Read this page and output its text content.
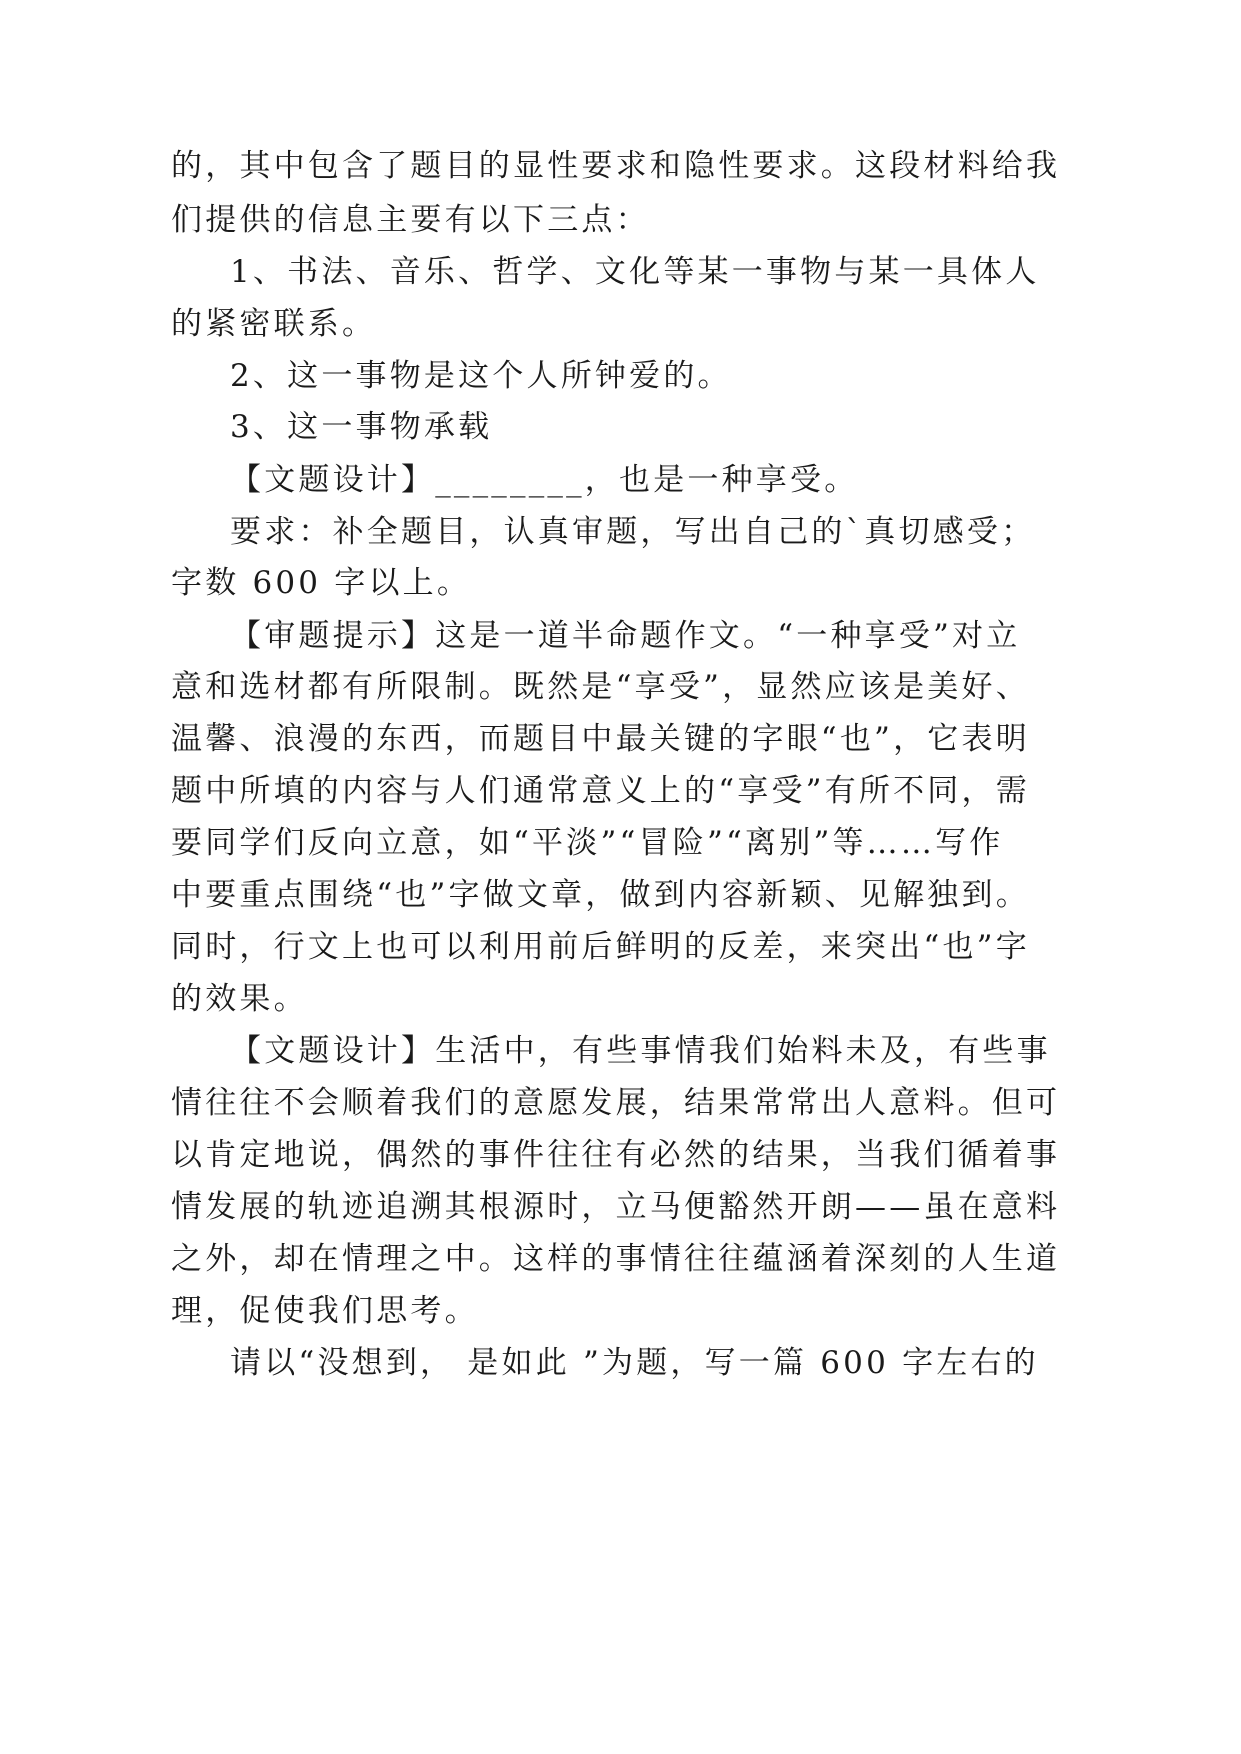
的，其中包含了题目的显性要求和隐性要求。这段材料给我
们提供的信息主要有以下三点：
1、书法、音乐、哲学、文化等某一事物与某一具体人
的紧密联系。
2、这一事物是这个人所钟爱的。
3、这一事物承载
【文题设计】________，也是一种享受。
要求：补全题目，认真审题，写出自己的`真切感受；
字数 600 字以上。
【审题提示】这是一道半命题作文。“一种享受”对立
意和选材都有所限制。既然是“享受”，显然应该是美好、
温馨、浪漫的东西，而题目中最关键的字眼“也”，它表明
题中所填的内容与人们通常意义上的“享受”有所不同，需
要同学们反向立意，如“平淡”“冒险”“离别”等……写作
中要重点围绕“也”字做文章，做到内容新颖、见解独到。
同时，行文上也可以利用前后鲜明的反差，来突出“也”字
的效果。
【文题设计】生活中，有些事情我们始料未及，有些事
情往往不会顺着我们的意愿发展，结果常常出人意料。但可
以肯定地说，偶然的事件往往有必然的结果，当我们循着事
情发展的轨迹追溯其根源时，立马便豁然开朗——虽在意料
之外，却在情理之中。这样的事情往往蕴涵着深刻的人生道
理，促使我们思考。
请以“没想到， 是如此 ”为题，写一篇 600 字左右的
